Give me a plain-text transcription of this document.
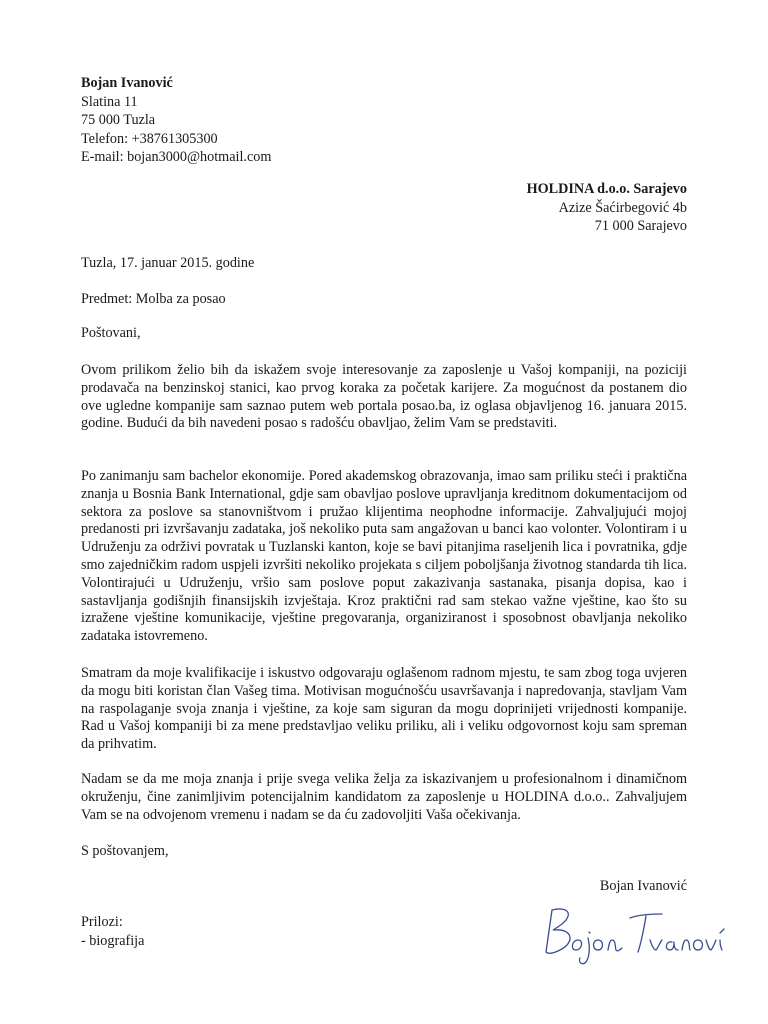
Bojan Ivanović
Slatina 11
75 000 Tuzla
Telefon: +38761305300
E-mail: bojan3000@hotmail.com
HOLDINA d.o.o. Sarajevo
Azize Šaćirbegović 4b
71 000 Sarajevo
Tuzla, 17. januar 2015. godine
Predmet: Molba za posao
Poštovani,
Ovom prilikom želio bih da iskažem svoje interesovanje za zaposlenje u Vašoj kompaniji, na poziciji prodavača na benzinskoj stanici, kao prvog koraka za početak karijere. Za mogućnost da postanem dio ove ugledne kompanije sam saznao putem web portala posao.ba, iz oglasa objavljenog 16. januara 2015. godine. Budući da bih navedeni posao s radošću obavljao, želim Vam se predstaviti.
Po zanimanju sam bachelor ekonomije. Pored akademskog obrazovanja, imao sam priliku steći i praktična znanja u Bosnia Bank International, gdje sam obavljao poslove upravljanja kreditnom dokumentacijom od sektora za poslove sa stanovništvom i pružao klijentima neophodne informacije. Zahvaljujući mojoj predanosti pri izvršavanju zadataka, još nekoliko puta sam angažovan u banci kao volonter. Volontiram i u Udruženju za održivi povratak u Tuzlanski kanton, koje se bavi pitanjima raseljenih lica i povratnika, gdje smo zajedničkim radom uspjeli izvršiti nekoliko projekata s ciljem poboljšanja životnog standarda tih lica. Volontirajući u Udruženju, vršio sam poslove poput zakazivanja sastanaka, pisanja dopisa, kao i sastavljanja godišnjih finansijskih izvještaja. Kroz praktični rad sam stekao važne vještine, kao što su izražene vještine komunikacije, vještine pregovaranja, organiziranost i sposobnost obavljanja nekoliko zadataka istovremeno.
Smatram da moje kvalifikacije i iskustvo odgovaraju oglašenom radnom mjestu, te sam zbog toga uvjeren da mogu biti koristan član Vašeg tima. Motivisan mogućnošću usavršavanja i napredovanja, stavljam Vam na raspolaganje svoja znanja i vještine, za koje sam siguran da mogu doprinijeti vrijednosti kompanije. Rad u Vašoj kompaniji bi za mene predstavljao veliku priliku, ali i veliku odgovornost koju sam spreman da prihvatim.
Nadam se da me moja znanja i prije svega velika želja za iskazivanjem u profesionalnom i dinamičnom okruženju, čine zanimljivim potencijalnim kandidatom za zaposlenje u HOLDINA d.o.o.. Zahvaljujem Vam se na odvojenom vremenu i nadam se da ću zadovoljiti Vaša očekivanja.
S poštovanjem,
Bojan Ivanović
Prilozi:
- biografija
